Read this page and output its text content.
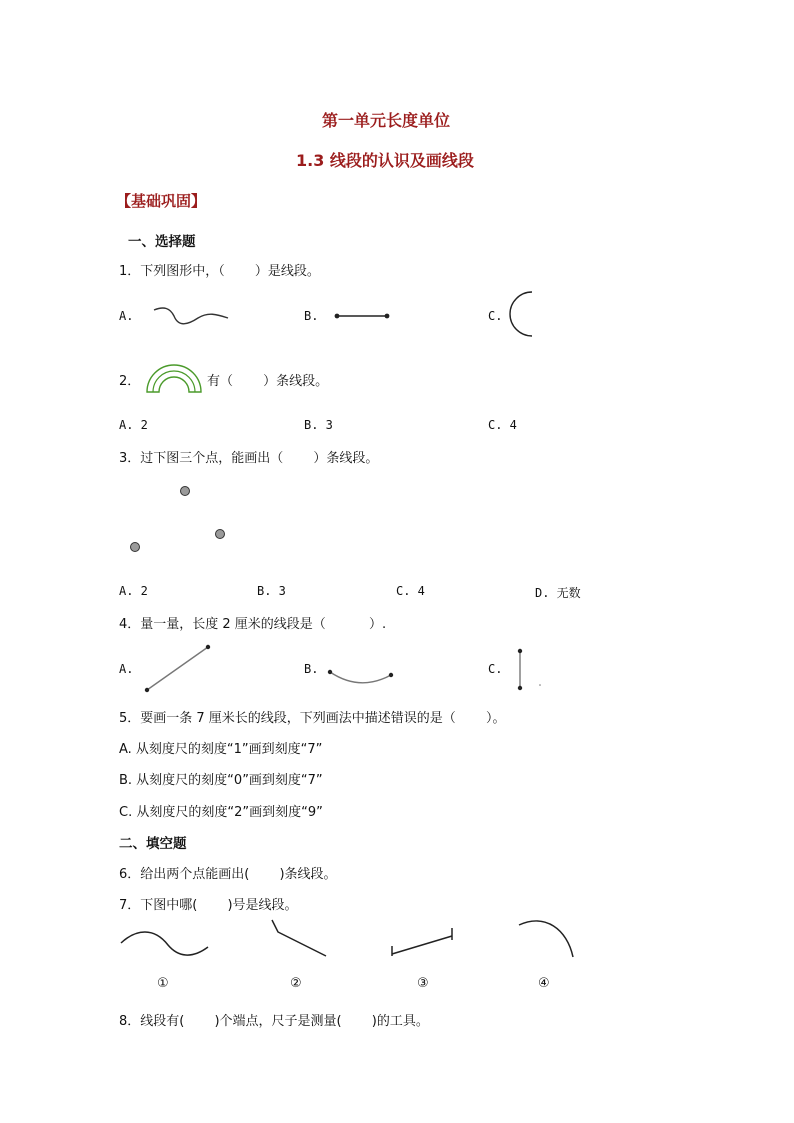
第一单元长度单位
1.3 线段的认识及画线段
【基础巩固】
一、选择题
1．下列图形中，（　　 ）是线段。
A.	B.	C.
2．	有（　　 ）条线段。
A. 2	B. 3	C. 4
3．过下图三个点，能画出（　　 ）条线段。
A. 2	B. 3	C. 4	D. 无数
4．量一量，长度 2 厘米的线段是（　　　 ）.
A.	B.	C.
5．要画一条 7 厘米长的线段，下列画法中描述错误的是（　　 ）。
A. 从刻度尺的刻度“1”画到刻度“7”
B. 从刻度尺的刻度“0”画到刻度“7”
C. 从刻度尺的刻度“2”画到刻度“9”
二、填空题
6．给出两个点能画出(　　 )条线段。
7．下图中哪(　　 )号是线段。
①	②	③	④
8．线段有(　　 )个端点，尺子是测量(　　 )的工具。
